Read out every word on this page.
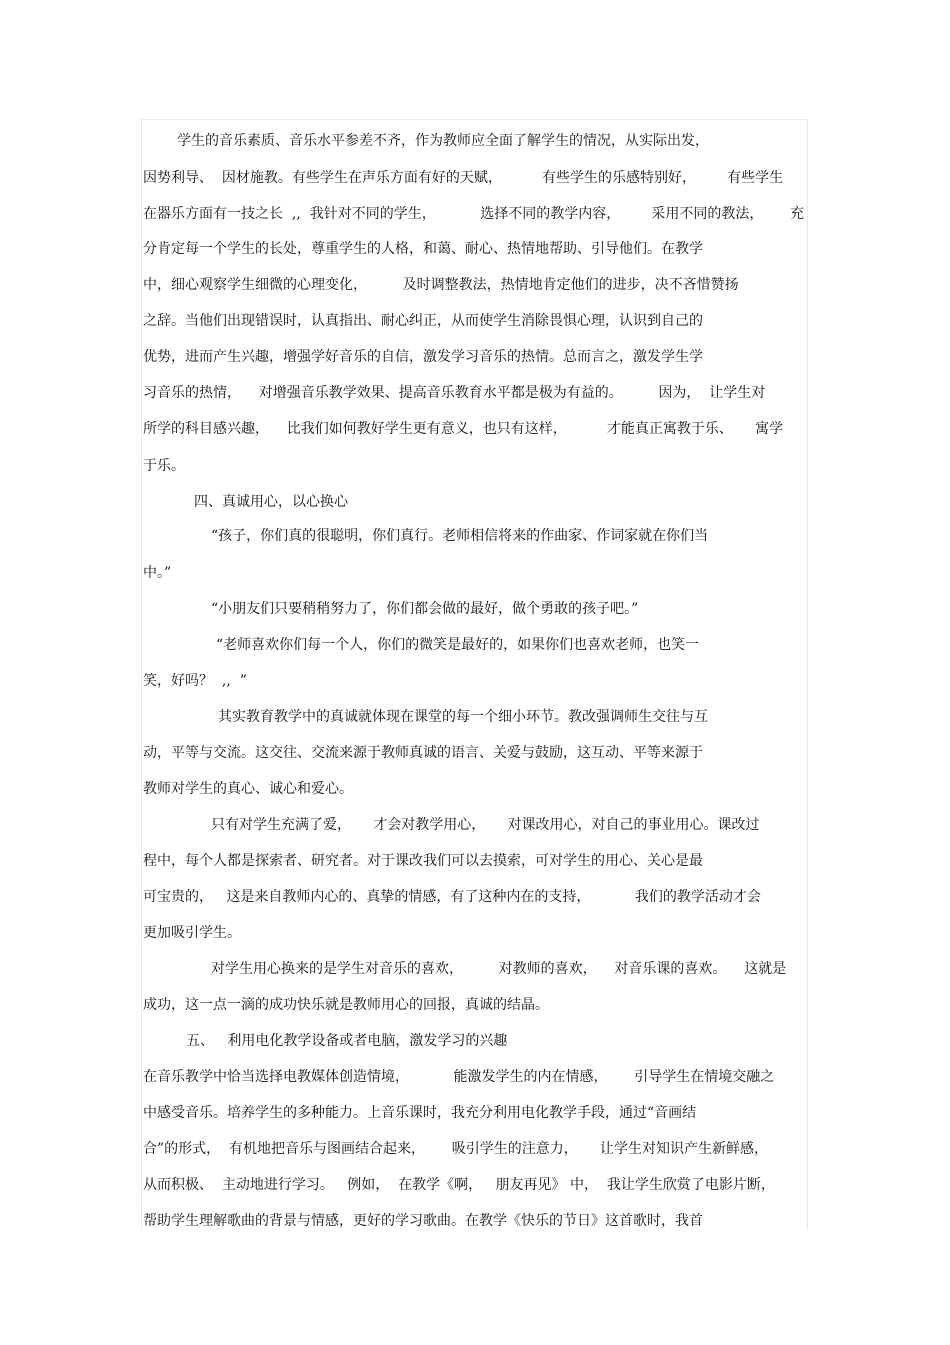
学生的音乐素质、音乐水平参差不齐，作为教师应全面了解学生的情况，从实际出发，
因势利导、  因材施教。有些学生在声乐方面有好的天赋，         有些学生的乐感特别好，       有些学生
在器乐方面有一技之长  ,,  我针对不同的学生，          选择不同的教学内容，       采用不同的教法，      充
分肯定每一个学生的长处，尊重学生的人格，和蔼、耐心、热情地帮助、引导他们。在教学
中，细心观察学生细微的心理变化，        及时调整教法，热情地肯定他们的进步，决不吝惜赞扬
之辞。当他们出现错误时，认真指出、耐心纠正，从而使学生消除畏惧心理，认识到自己的
优势，进而产生兴趣，增强学好音乐的自信，激发学习音乐的热情。总而言之，激发学生学
习音乐的热情，    对增强音乐教学效果、提高音乐教育水平都是极为有益的。        因为，  让学生对
所学的科目感兴趣，    比我们如何教好学生更有意义，也只有这样，         才能真正寓教于乐、     寓学
于乐。
四、真诚用心，以心换心
“孩子，你们真的很聪明，你们真行。老师相信将来的作曲家、作词家就在你们当
中。”
“小朋友们只要稍稍努力了，你们都会做的最好，做个勇敢的孩子吧。”
“老师喜欢你们每一个人，你们的微笑是最好的，如果你们也喜欢老师，也笑一
笑，好吗？  ,,  ”
其实教育教学中的真诚就体现在课堂的每一个细小环节。教改强调师生交往与互
动，平等与交流。这交往、交流来源于教师真诚的语言、关爱与鼓励，这互动、平等来源于
教师对学生的真心、诚心和爱心。
只有对学生充满了爱，     才会对教学用心，     对课改用心，对自己的事业用心。课改过
程中，每个人都是探索者、研究者。对于课改我们可以去摸索，可对学生的用心、关心是最
可宝贵的，   这是来自教师内心的、真挚的情感，有了这种内在的支持，          我们的教学活动才会
更加吸引学生。
对学生用心换来的是学生对音乐的喜欢，        对教师的喜欢，    对音乐课的喜欢。    这就是
成功，这一点一滴的成功快乐就是教师用心的回报，真诚的结晶。
五、   利用电化教学设备或者电脑，激发学习的兴趣
在音乐教学中恰当选择电教媒体创造情境，          能激发学生的内在情感，      引导学生在情境交融之
中感受音乐。培养学生的多种能力。上音乐课时，我充分利用电化教学手段，通过“音画结
合”的形式，  有机地把音乐与图画结合起来，      吸引学生的注意力，     让学生对知识产生新鲜感，
从而积极、  主动地进行学习。   例如，  在教学《啊，   朋友再见》 中，  我让学生欣赏了电影片断，
帮助学生理解歌曲的背景与情感，更好的学习歌曲。在教学《快乐的节日》这首歌时，我首
